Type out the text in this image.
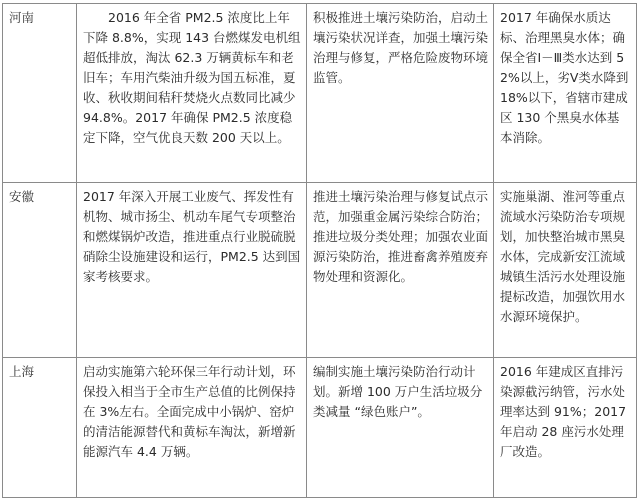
河南	2016 年全省 PM2.5 浓度比上年下降 8.8%，实现 143 台燃煤发电机组超低排放，淘汰 62.3 万辆黄标车和老旧车；车用汽柴油升级为国五标准，夏收、秋收期间秸秆焚烧火点数同比减少 94.8%。2017 年确保 PM2.5 浓度稳定下降，空气优良天数 200 天以上。	积极推进土壤污染防治，启动土壤污染状况详查，加强土壤污染治理与修复，严格危险废物环境监管。	2017 年确保水质达标、治理黑臭水体；确保全省Ⅰ－Ⅲ类水达到 52%以上，劣Ⅴ类水降到 18%以下，省辖市建成区 130 个黑臭水体基本消除。

安徽	2017 年深入开展工业废气、挥发性有机物、城市扬尘、机动车尾气专项整治和燃煤锅炉改造，推进重点行业脱硫脱硝除尘设施建设和运行，PM2.5 达到国家考核要求。	推进土壤污染治理与修复试点示范，加强重金属污染综合防治；推进垃圾分类处理；加强农业面源污染防治，推进畜禽养殖废弃物处理和资源化。	实施巢湖、淮河等重点流域水污染防治专项规划，加快整治城市黑臭水体，完成新安江流域城镇生活污水处理设施提标改造，加强饮用水水源环境保护。

上海	启动实施第六轮环保三年行动计划，环保投入相当于全市生产总值的比例保持在 3%左右。全面完成中小锅炉、窑炉的清洁能源替代和黄标车淘汰，新增新能源汽车 4.4 万辆。	编制实施土壤污染防治行动计划。新增 100 万户生活垃圾分类减量 “绿色账户”。	2016 年建成区直排污染源截污纳管，污水处理率达到 91%；2017 年启动 28 座污水处理厂改造。
